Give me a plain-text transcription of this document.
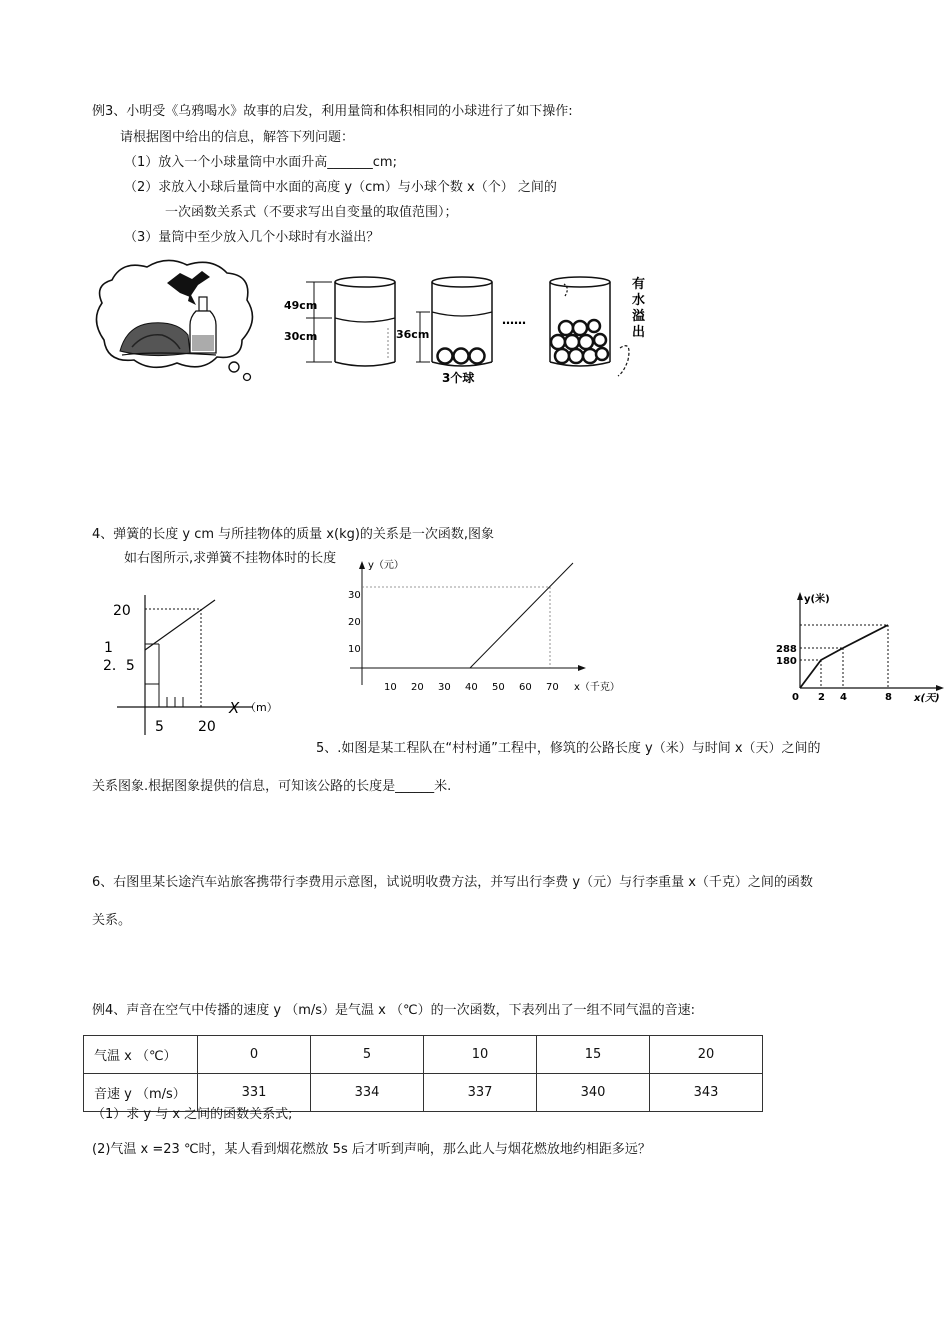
例3、小明受《乌鸦喝水》故事的启发，利用量筒和体积相同的小球进行了如下操作:
请根据图中给出的信息，解答下列问题：
（1）放入一个小球量筒中水面升高_______cm;
（2）求放入小球后量筒中水面的高度 y（cm）与小球个数 x（个） 之间的
一次函数关系式（不要求写出自变量的取值范围）；
（3）量筒中至少放入几个小球时有水溢出？
49cm
30cm	36cm
3个球
……
有
水
溢
出
4、弹簧的长度 y cm 与所挂物体的质量 x(kg)的关系是一次函数,图象
如右图所示,求弹簧不挂物体时的长度
20
1
2．5
X （m）
5 20
y（元）
30
20
10
10 20 30 40 50 60 70 x（千克）
y(米)
288
180
0 2 4	8 x(天)
5、.如图是某工程队在“村村通”工程中，修筑的公路长度 y（米）与时间 x（天）之间的
关系图象.根据图象提供的信息，可知该公路的长度是______米.
6、右图里某长途汽车站旅客携带行李费用示意图，试说明收费方法，并写出行李费 y（元）与行李重量 x（千克）之间的函数
关系。
例4、声音在空气中传播的速度 y （m/s）是气温 x （℃）的一次函数，下表列出了一组不同气温的音速:
气温 x （℃）	0	5	10	15	20
音速 y （m/s）	331	334	337	340	343
（1）求 y 与 x 之间的函数关系式;
(2)气温 x =23 ℃时，某人看到烟花燃放 5s 后才听到声响，那么此人与烟花燃放地约相距多远？
